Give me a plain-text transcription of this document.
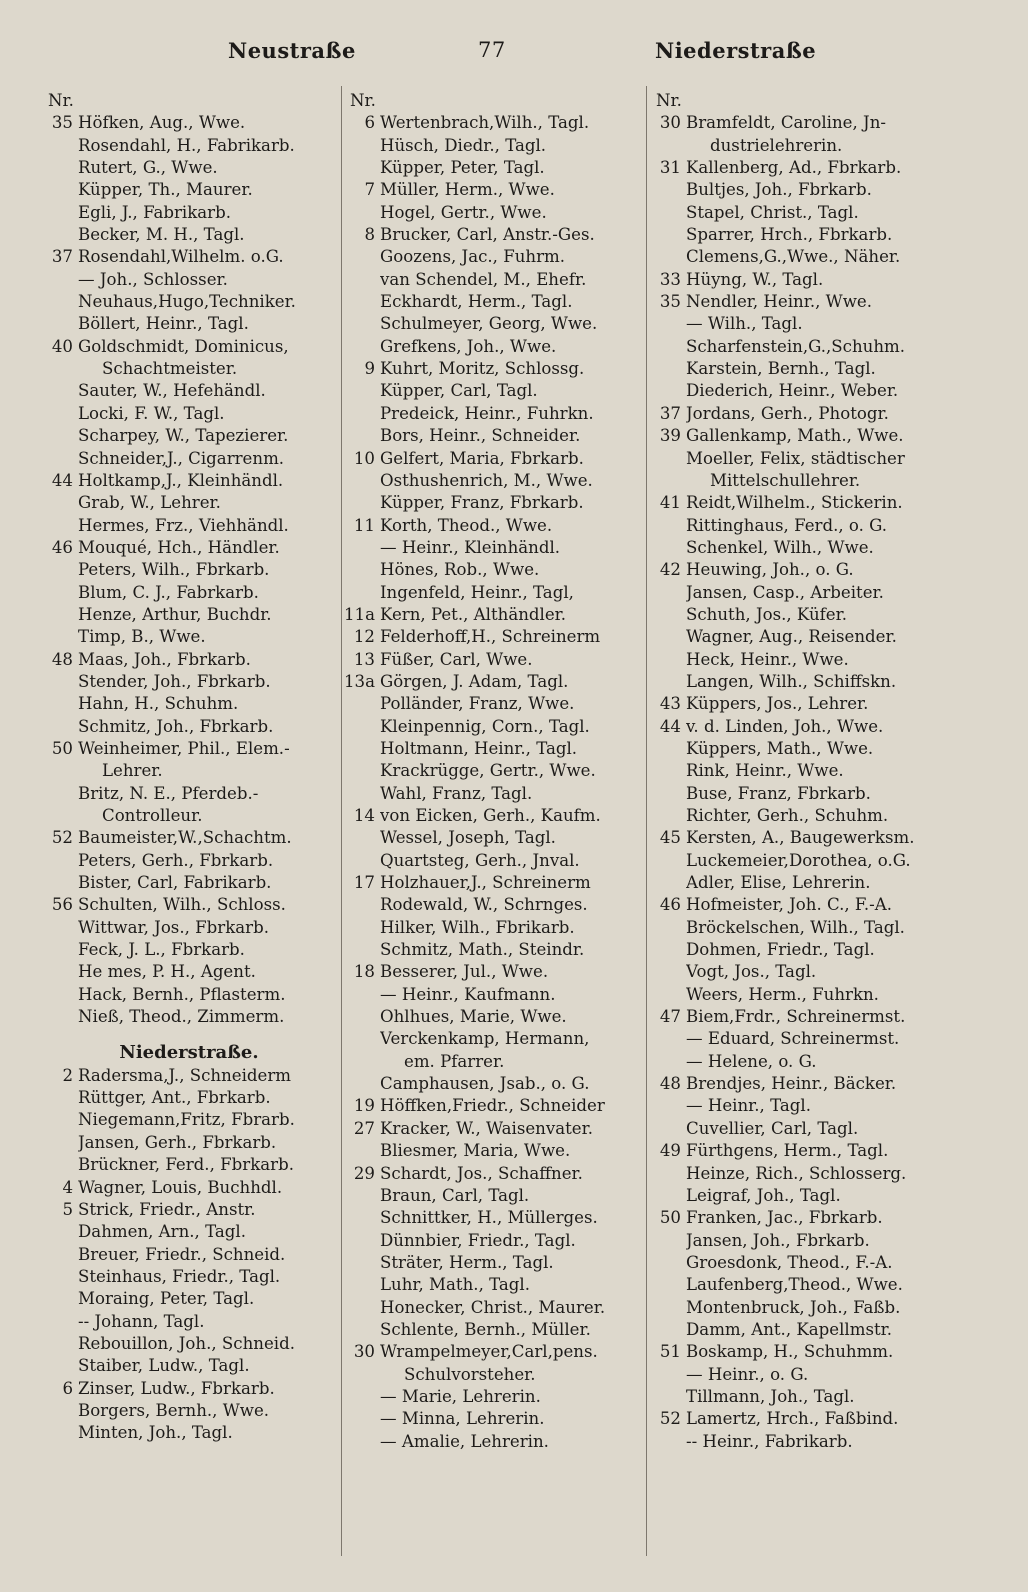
Neustraße	77	Niederstraße
Nr.
35 Höfken, Aug., Wwe.
Rosendahl, H., Fabrikarb.
Rutert, G., Wwe.
Küpper, Th., Maurer.
Egli, J., Fabrikarb.
Becker, M. H., Tagl.
37 Rosendahl,Wilhelm. o.G.
— Joh., Schlosser.
Neuhaus,Hugo,Techniker.
Böllert, Heinr., Tagl.
40 Goldschmidt, Dominicus,
Schachtmeister.
Sauter, W., Hefehändl.
Locki, F. W., Tagl.
Scharpey, W., Tapezierer.
Schneider,J., Cigarrenm.
44 Holtkamp,J., Kleinhändl.
Grab, W., Lehrer.
Hermes, Frz., Viehhändl.
46 Mouqué, Hch., Händler.
Peters, Wilh., Fbrkarb.
Blum, C. J., Fabrkarb.
Henze, Arthur, Buchdr.
Timp, B., Wwe.
48 Maas, Joh., Fbrkarb.
Stender, Joh., Fbrkarb.
Hahn, H., Schuhm.
Schmitz, Joh., Fbrkarb.
50 Weinheimer, Phil., Elem.-
Lehrer.
Britz, N. E., Pferdeb.-
Controlleur.
52 Baumeister,W.,Schachtm.
Peters, Gerh., Fbrkarb.
Bister, Carl, Fabrikarb.
56 Schulten, Wilh., Schloss.
Wittwar, Jos., Fbrkarb.
Feck, J. L., Fbrkarb.
He mes, P. H., Agent.
Hack, Bernh., Pflasterm.
Nieß, Theod., Zimmerm.
Niederstraße.
2 Radersma,J., Schneiderm
Rüttger, Ant., Fbrkarb.
Niegemann,Fritz, Fbrarb.
Jansen, Gerh., Fbrkarb.
Brückner, Ferd., Fbrkarb.
4 Wagner, Louis, Buchhdl.
5 Strick, Friedr., Anstr.
Dahmen, Arn., Tagl.
Breuer, Friedr., Schneid.
Steinhaus, Friedr., Tagl.
Moraing, Peter, Tagl.
-- Johann, Tagl.
Rebouillon, Joh., Schneid.
Staiber, Ludw., Tagl.
6 Zinser, Ludw., Fbrkarb.
Borgers, Bernh., Wwe.
Minten, Joh., Tagl.
Nr.
6 Wertenbrach,Wilh., Tagl.
Hüsch, Diedr., Tagl.
Küpper, Peter, Tagl.
7 Müller, Herm., Wwe.
Hogel, Gertr., Wwe.
8 Brucker, Carl, Anstr.-Ges.
Goozens, Jac., Fuhrm.
van Schendel, M., Ehefr.
Eckhardt, Herm., Tagl.
Schulmeyer, Georg, Wwe.
Grefkens, Joh., Wwe.
9 Kuhrt, Moritz, Schlossg.
Küpper, Carl, Tagl.
Predeick, Heinr., Fuhrkn.
Bors, Heinr., Schneider.
10 Gelfert, Maria, Fbrkarb.
Osthushenrich, M., Wwe.
Küpper, Franz, Fbrkarb.
11 Korth, Theod., Wwe.
— Heinr., Kleinhändl.
Hönes, Rob., Wwe.
Ingenfeld, Heinr., Tagl,
11a Kern, Pet., Althändler.
12 Felderhoff,H., Schreinerm
13 Füßer, Carl, Wwe.
13a Görgen, J. Adam, Tagl.
Polländer, Franz, Wwe.
Kleinpennig, Corn., Tagl.
Holtmann, Heinr., Tagl.
Krackrügge, Gertr., Wwe.
Wahl, Franz, Tagl.
14 von Eicken, Gerh., Kaufm.
Wessel, Joseph, Tagl.
Quartsteg, Gerh., Jnval.
17 Holzhauer,J., Schreinerm
Rodewald, W., Schrnges.
Hilker, Wilh., Fbrikarb.
Schmitz, Math., Steindr.
18 Besserer, Jul., Wwe.
— Heinr., Kaufmann.
Ohlhues, Marie, Wwe.
Verckenkamp, Hermann,
em. Pfarrer.
Camphausen, Jsab., o. G.
19 Höffken,Friedr., Schneider
27 Kracker, W., Waisenvater.
Bliesmer, Maria, Wwe.
29 Schardt, Jos., Schaffner.
Braun, Carl, Tagl.
Schnittker, H., Müllerges.
Dünnbier, Friedr., Tagl.
Sträter, Herm., Tagl.
Luhr, Math., Tagl.
Honecker, Christ., Maurer.
Schlente, Bernh., Müller.
30 Wrampelmeyer,Carl,pens.
Schulvorsteher.
— Marie, Lehrerin.
— Minna, Lehrerin.
— Amalie, Lehrerin.
Nr.
30 Bramfeldt, Caroline, Jn-
dustrielehrerin.
31 Kallenberg, Ad., Fbrkarb.
Bultjes, Joh., Fbrkarb.
Stapel, Christ., Tagl.
Sparrer, Hrch., Fbrkarb.
Clemens,G.,Wwe., Näher.
33 Hüyng, W., Tagl.
35 Nendler, Heinr., Wwe.
— Wilh., Tagl.
Scharfenstein,G.,Schuhm.
Karstein, Bernh., Tagl.
Diederich, Heinr., Weber.
37 Jordans, Gerh., Photogr.
39 Gallenkamp, Math., Wwe.
Moeller, Felix, städtischer
Mittelschullehrer.
41 Reidt,Wilhelm., Stickerin.
Rittinghaus, Ferd., o. G.
Schenkel, Wilh., Wwe.
42 Heuwing, Joh., o. G.
Jansen, Casp., Arbeiter.
Schuth, Jos., Küfer.
Wagner, Aug., Reisender.
Heck, Heinr., Wwe.
Langen, Wilh., Schiffskn.
43 Küppers, Jos., Lehrer.
44 v. d. Linden, Joh., Wwe.
Küppers, Math., Wwe.
Rink, Heinr., Wwe.
Buse, Franz, Fbrkarb.
Richter, Gerh., Schuhm.
45 Kersten, A., Baugewerksm.
Luckemeier,Dorothea, o.G.
Adler, Elise, Lehrerin.
46 Hofmeister, Joh. C., F.-A.
Bröckelschen, Wilh., Tagl.
Dohmen, Friedr., Tagl.
Vogt, Jos., Tagl.
Weers, Herm., Fuhrkn.
47 Biem,Frdr., Schreinermst.
— Eduard, Schreinermst.
— Helene, o. G.
48 Brendjes, Heinr., Bäcker.
— Heinr., Tagl.
Cuvellier, Carl, Tagl.
49 Fürthgens, Herm., Tagl.
Heinze, Rich., Schlosserg.
Leigraf, Joh., Tagl.
50 Franken, Jac., Fbrkarb.
Jansen, Joh., Fbrkarb.
Groesdonk, Theod., F.-A.
Laufenberg,Theod., Wwe.
Montenbruck, Joh., Faßb.
Damm, Ant., Kapellmstr.
51 Boskamp, H., Schuhmm.
— Heinr., o. G.
Tillmann, Joh., Tagl.
52 Lamertz, Hrch., Faßbind.
-- Heinr., Fabrikarb.
